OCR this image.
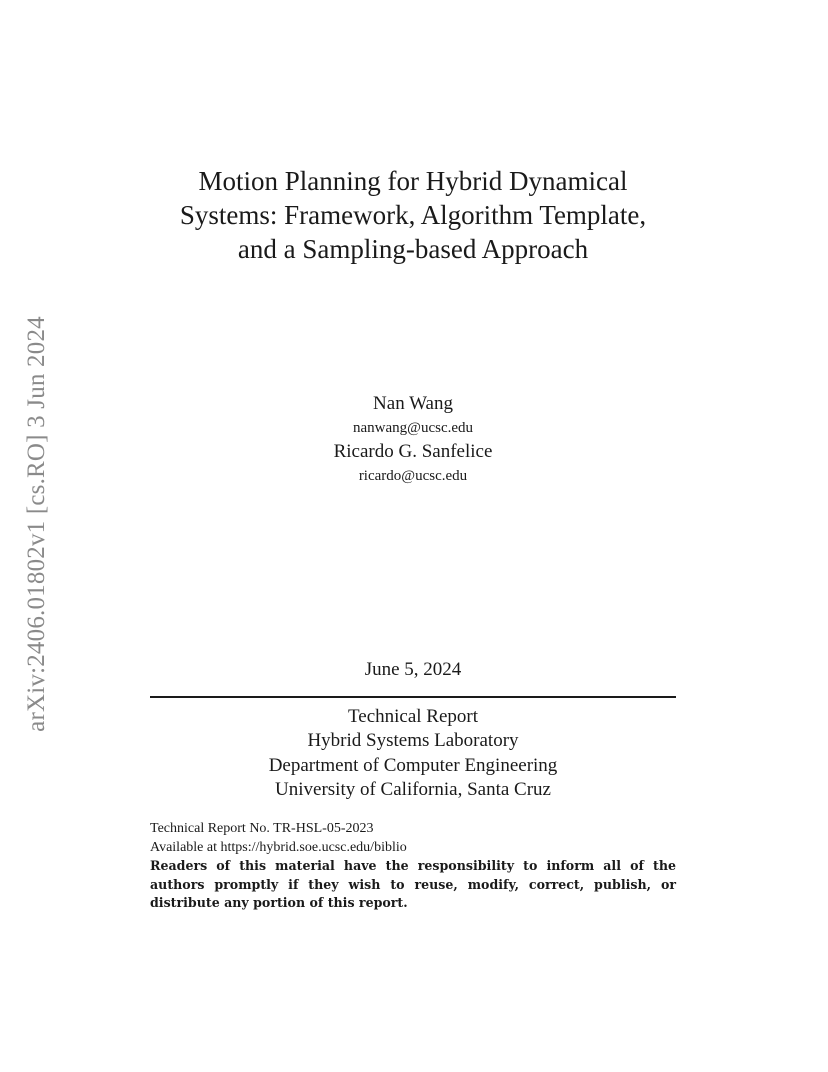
arXiv:2406.01802v1 [cs.RO] 3 Jun 2024
Motion Planning for Hybrid Dynamical
Systems: Framework, Algorithm Template,
and a Sampling-based Approach
Nan Wang
nanwang@ucsc.edu
Ricardo G. Sanfelice
ricardo@ucsc.edu
June 5, 2024
Technical Report
Hybrid Systems Laboratory
Department of Computer Engineering
University of California, Santa Cruz
Technical Report No. TR-HSL-05-2023
Available at https://hybrid.soe.ucsc.edu/biblio
Readers of this material have the responsibility to inform all of the authors promptly if they wish to reuse, modify, correct, publish, or distribute any portion of this report.
